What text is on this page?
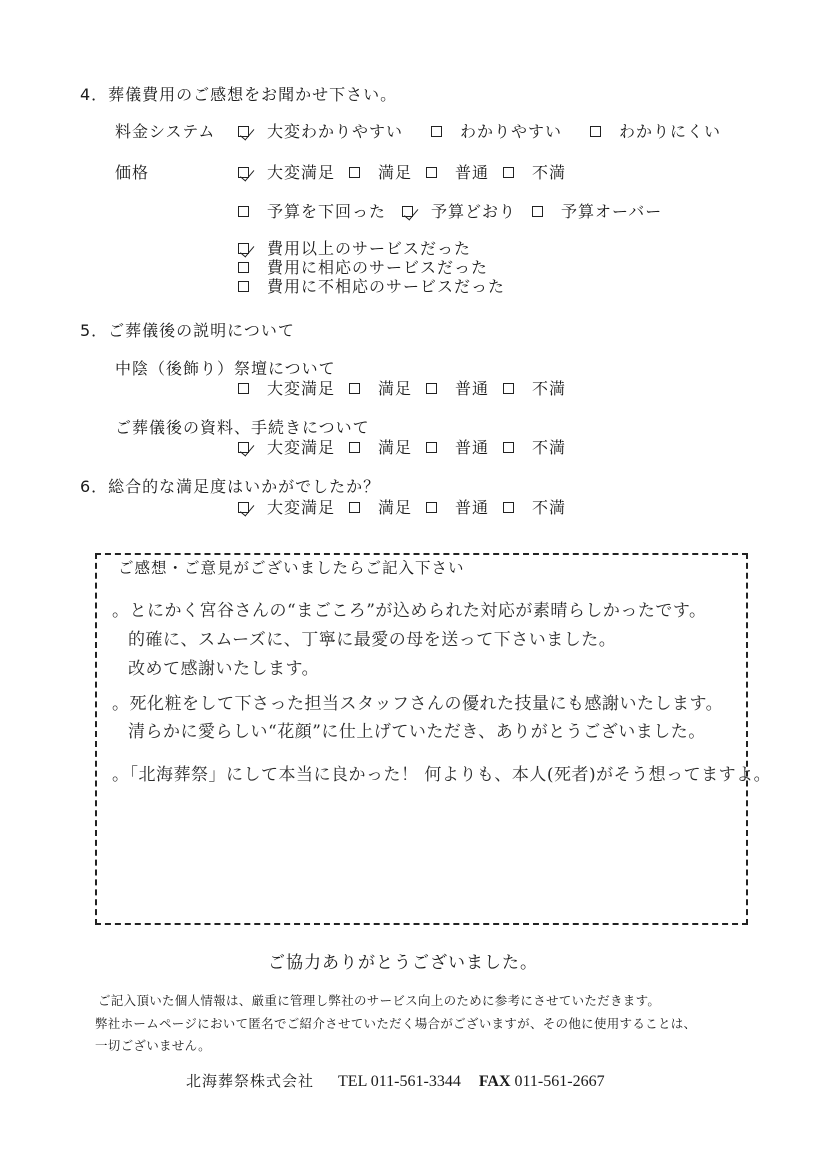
4．葬儀費用のご感想をお聞かせ下さい。
料金システム	大変わかりやすい	わかりやすい	わかりにくい
価格	大変満足	満足	普通	不満
予算を下回った	予算どおり	予算オーバー
費用以上のサービスだった
費用に相応のサービスだった
費用に不相応のサービスだった
5．ご葬儀後の説明について
中陰（後飾り）祭壇について
大変満足	満足	普通	不満
ご葬儀後の資料、手続きについて
大変満足	満足	普通	不満
6．総合的な満足度はいかがでしたか？
大変満足	満足	普通	不満
ご感想・ご意見がございましたらご記入下さい
。とにかく宮谷さんの“まごころ”が込められた対応が素晴らしかったです。
的確に、スムーズに、丁寧に最愛の母を送って下さいました。
改めて感謝いたします。
。死化粧をして下さった担当スタッフさんの優れた技量にも感謝いたします。
清らかに愛らしい“花顔”に仕上げていただき、ありがとうございました。
。「北海葬祭」にして本当に良かった！ 何よりも、本人(死者)がそう想ってますよ。
ご協力ありがとうございました。
ご記入頂いた個人情報は、厳重に管理し弊社のサービス向上のために参考にさせていただきます。
弊社ホームページにおいて匿名でご紹介させていただく場合がございますが、その他に使用することは、
一切ございません。
北海葬祭株式会社 TEL 011-561-3344 FAX 011-561-2667
